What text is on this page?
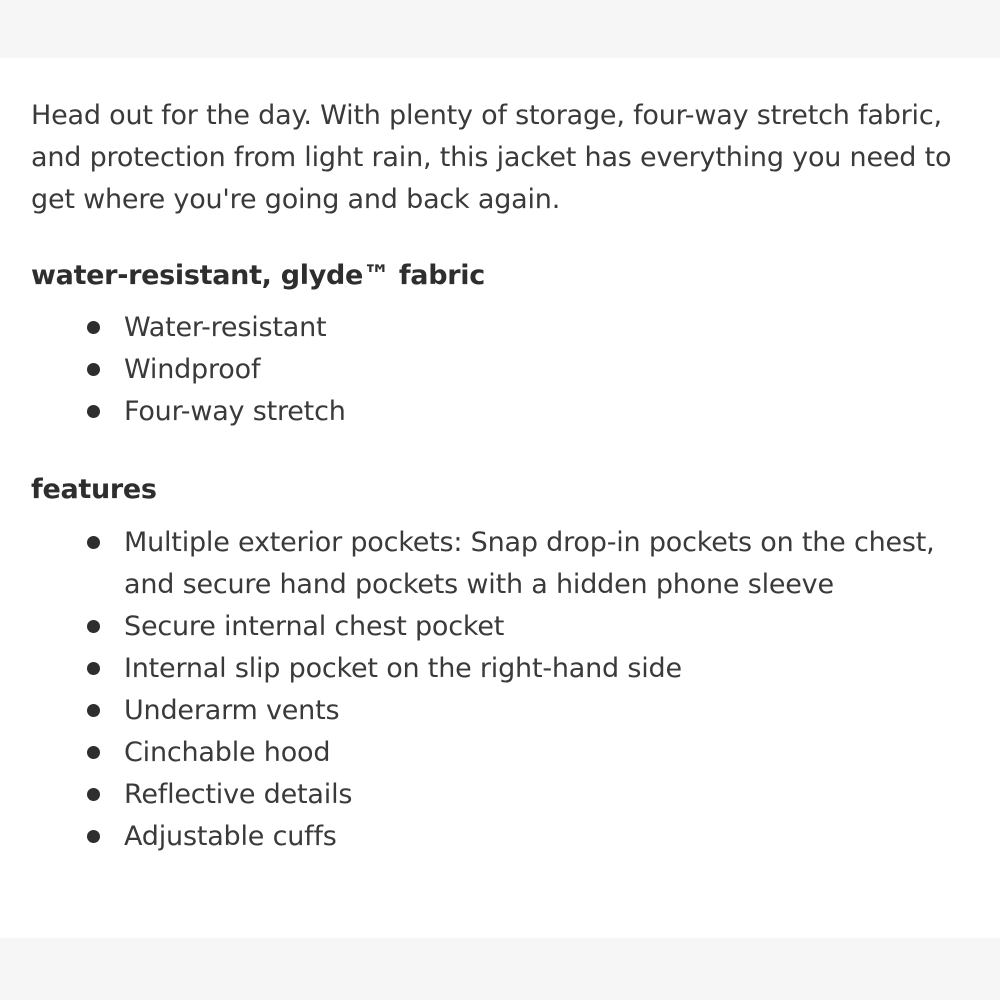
Head out for the day. With plenty of storage, four-way stretch fabric, and protection from light rain, this jacket has everything you need to get where you're going and back again.

water-resistant, glyde™ fabric
Water-resistant
Windproof
Four-way stretch
features
Multiple exterior pockets: Snap drop-in pockets on the chest, and secure hand pockets with a hidden phone sleeve
Secure internal chest pocket
Internal slip pocket on the right-hand side
Underarm vents
Cinchable hood
Reflective details
Adjustable cuffs
